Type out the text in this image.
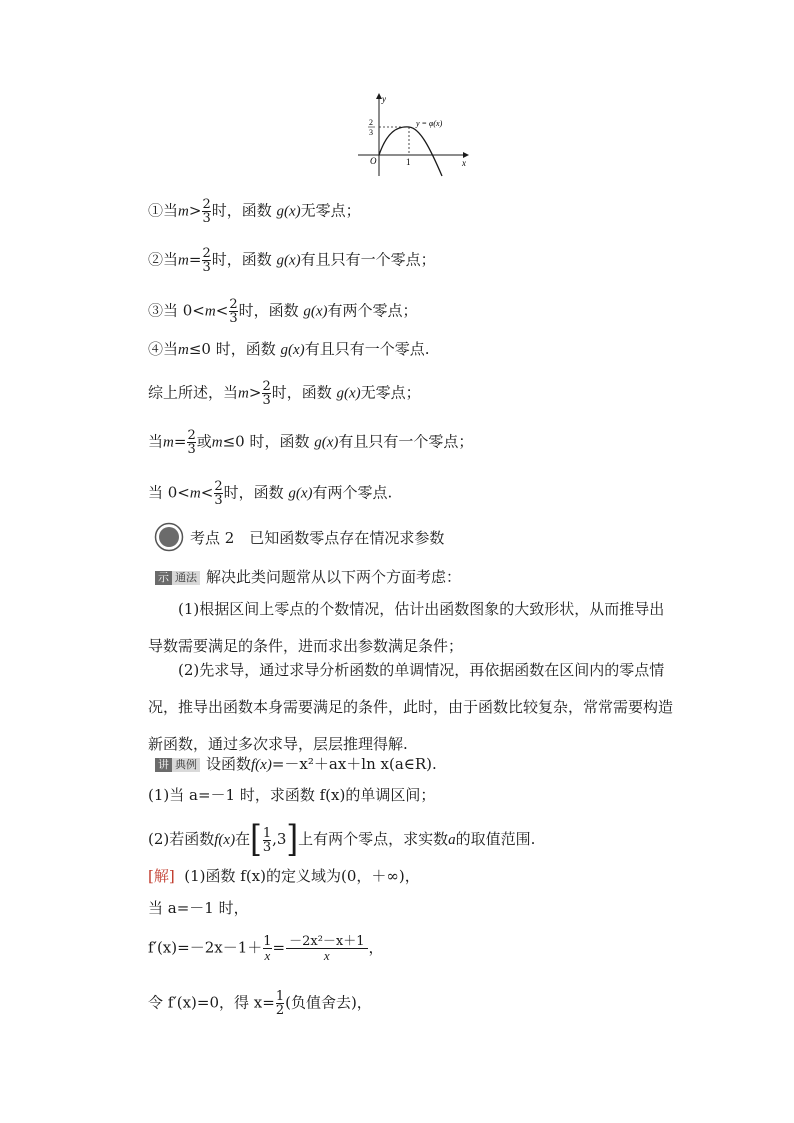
y
x
O	1
2
3
y = φ(x)
①当$m> \frac{2}{3}$ 时，函数 g(x)无零点；
②当$m= \frac{2}{3}$ 时，函数 g(x)有且只有一个零点；
③当 $0<m< \frac{2}{3}$ 时，函数 g(x)有两个零点；
④当m≤0 时，函数 g(x)有且只有一个零点.
综上所述，当$m> \frac{2}{3}$ 时，函数 g(x)无零点；
当$m= \frac{2}{3}$ 或m≤0 时，函数 g(x)有且只有一个零点；
当 $0<m< \frac{2}{3}$ 时，函数 g(x)有两个零点.
考点 2　已知函数零点存在情况求参数
示 通法 解决此类问题常从以下两个方面考虑：
(1)根据区间上零点的个数情况，估计出函数图象的大致形状，从而推导出导数需要满足的条件，进而求出参数满足条件；
(2)先求导，通过求导分析函数的单调情况，再依据函数在区间内的零点情况，推导出函数本身需要满足的条件，此时，由于函数比较复杂，常常需要构造新函数，通过多次求导，层层推理得解.
讲 典例 设函数f(x)=－x²＋ax＋ln x(a∈R).
(1)当 a=－1 时，求函数 f(x)的单调区间；
(2)若函数f(x)在[ $\frac{1}{3} ,3$]上有两个零点，求实数a的取值范围.
[解] (1)函数 f(x)的定义域为(0，＋∞)，
当 a=－1 时，
$f'(x)=-2x-1+ \frac{1}{x} = \frac{\text{－2x²－x＋1}}{x}$ ，
令 f′(x)=0，得 $x= \frac{1}{2}$ (负值舍去)，
